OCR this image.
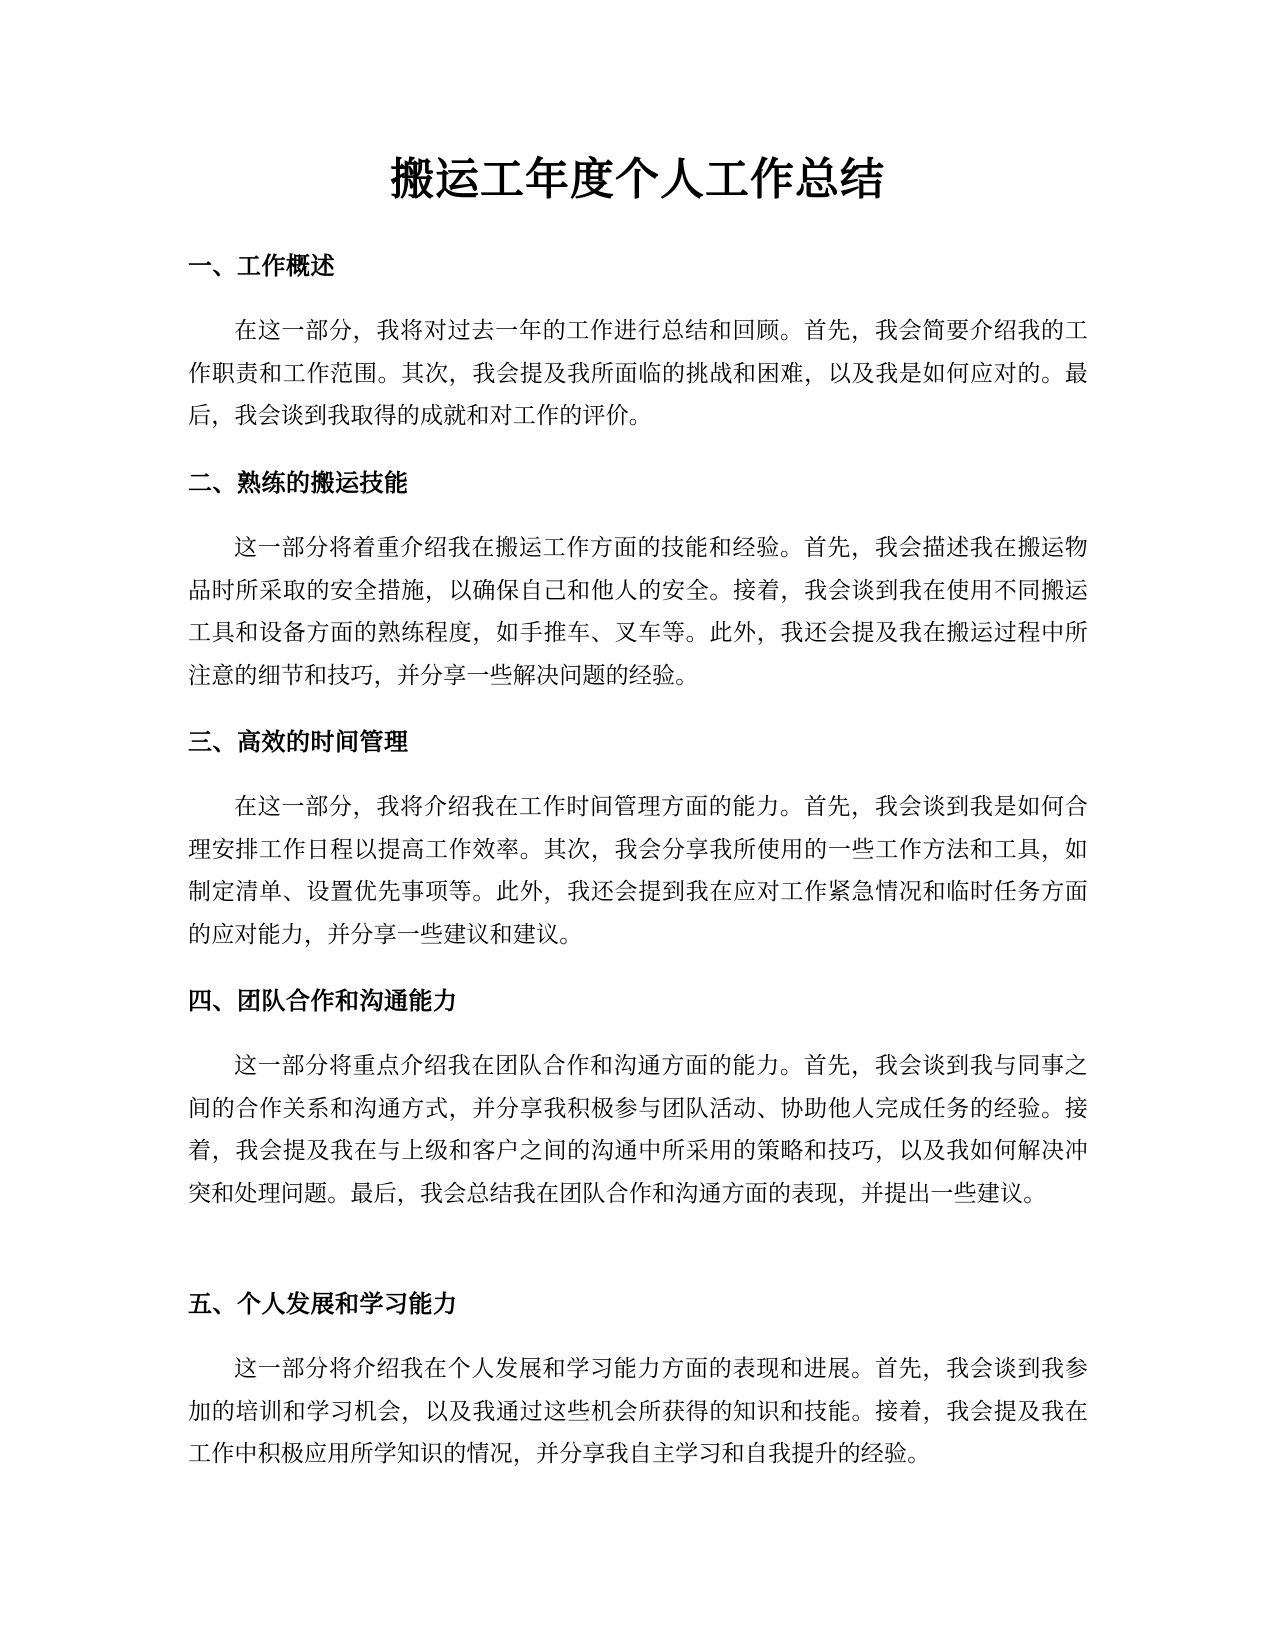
搬运工年度个人工作总结
一、工作概述

在这一部分，我将对过去一年的工作进行总结和回顾。首先，我会简要介绍我的工作职责和工作范围。其次，我会提及我所面临的挑战和困难，以及我是如何应对的。最后，我会谈到我取得的成就和对工作的评价。

二、熟练的搬运技能

这一部分将着重介绍我在搬运工作方面的技能和经验。首先，我会描述我在搬运物品时所采取的安全措施，以确保自己和他人的安全。接着，我会谈到我在使用不同搬运工具和设备方面的熟练程度，如手推车、叉车等。此外，我还会提及我在搬运过程中所注意的细节和技巧，并分享一些解决问题的经验。

三、高效的时间管理

在这一部分，我将介绍我在工作时间管理方面的能力。首先，我会谈到我是如何合理安排工作日程以提高工作效率。其次，我会分享我所使用的一些工作方法和工具，如制定清单、设置优先事项等。此外，我还会提到我在应对工作紧急情况和临时任务方面的应对能力，并分享一些建议和建议。

四、团队合作和沟通能力

这一部分将重点介绍我在团队合作和沟通方面的能力。首先，我会谈到我与同事之间的合作关系和沟通方式，并分享我积极参与团队活动、协助他人完成任务的经验。接着，我会提及我在与上级和客户之间的沟通中所采用的策略和技巧，以及我如何解决冲突和处理问题。最后，我会总结我在团队合作和沟通方面的表现，并提出一些建议。

五、个人发展和学习能力

这一部分将介绍我在个人发展和学习能力方面的表现和进展。首先，我会谈到我参加的培训和学习机会，以及我通过这些机会所获得的知识和技能。接着，我会提及我在工作中积极应用所学知识的情况，并分享我自主学习和自我提升的经验。
